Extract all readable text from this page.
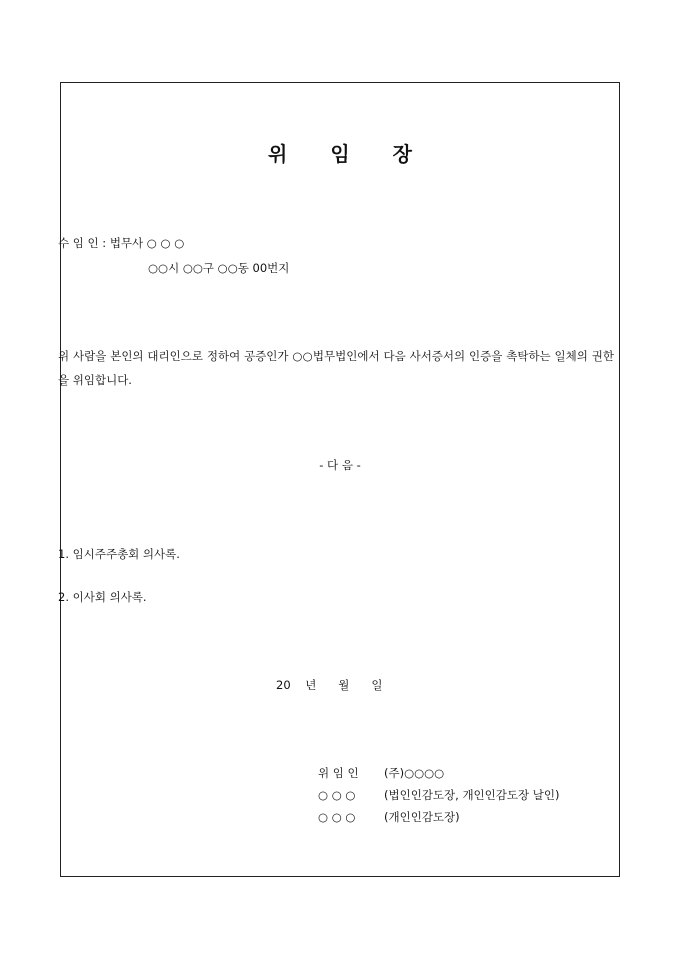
위 임 장
수 임 인 : 법무사 ○ ○ ○
○○시 ○○구 ○○동 00번지
위 사람을 본인의 대리인으로 정하여 공증인가 ○○법무법인에서 다음 사서증서의 인증을 촉탁하는 일체의 권한을 위임합니다.
- 다 음 -
1. 임시주주총회 의사록.
2. 이사회 의사록.
20    년      월      일
위 임 인 (주)○○○○
○ ○ ○ (법인인감도장, 개인인감도장 날인)
○ ○ ○ (개인인감도장)
